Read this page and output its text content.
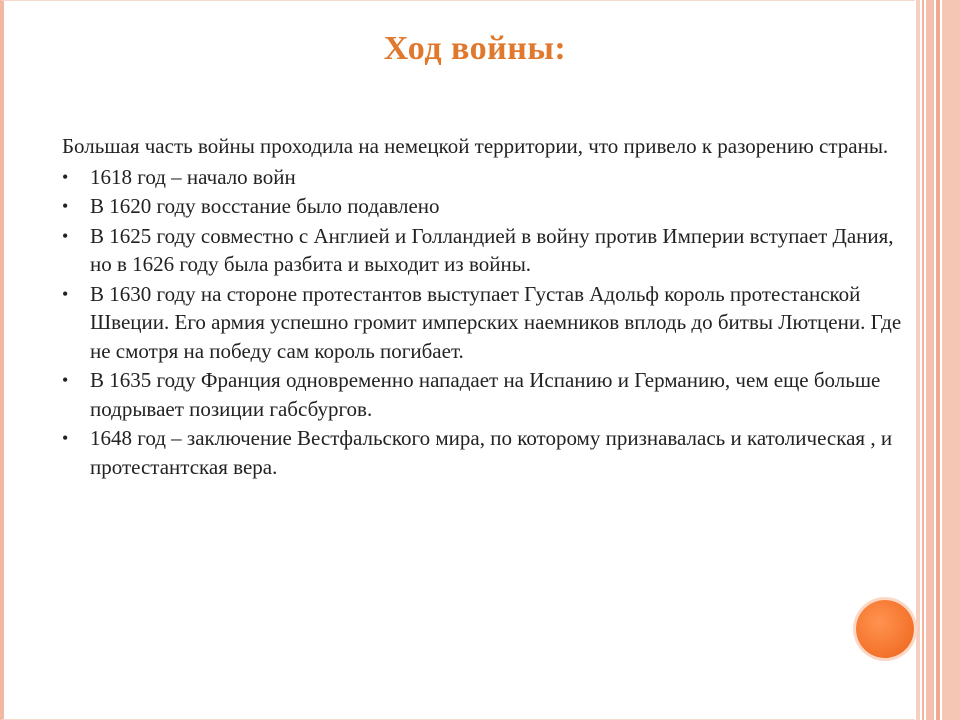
Ход войны:

Большая часть войны проходила на немецкой территории, что привело к разорению страны.

• 1618 год – начало войн
• В 1620 году восстание было подавлено
• В 1625 году совместно с Англией и Голландией в войну против Империи вступает Дания, но в 1626 году была разбита и выходит из войны.
• В 1630 году на стороне протестантов выступает Густав Адольф король протестанской Швеции. Его армия успешно громит имперских наемников вплодь до битвы Лютцени. Где не смотря на победу сам король погибает.
• В 1635 году Франция одновременно нападает на Испанию и Германию, чем еще больше подрывает позиции габсбургов.
• 1648 год – заключение Вестфальского мира, по которому признавалась и католическая , и протестантская вера.
